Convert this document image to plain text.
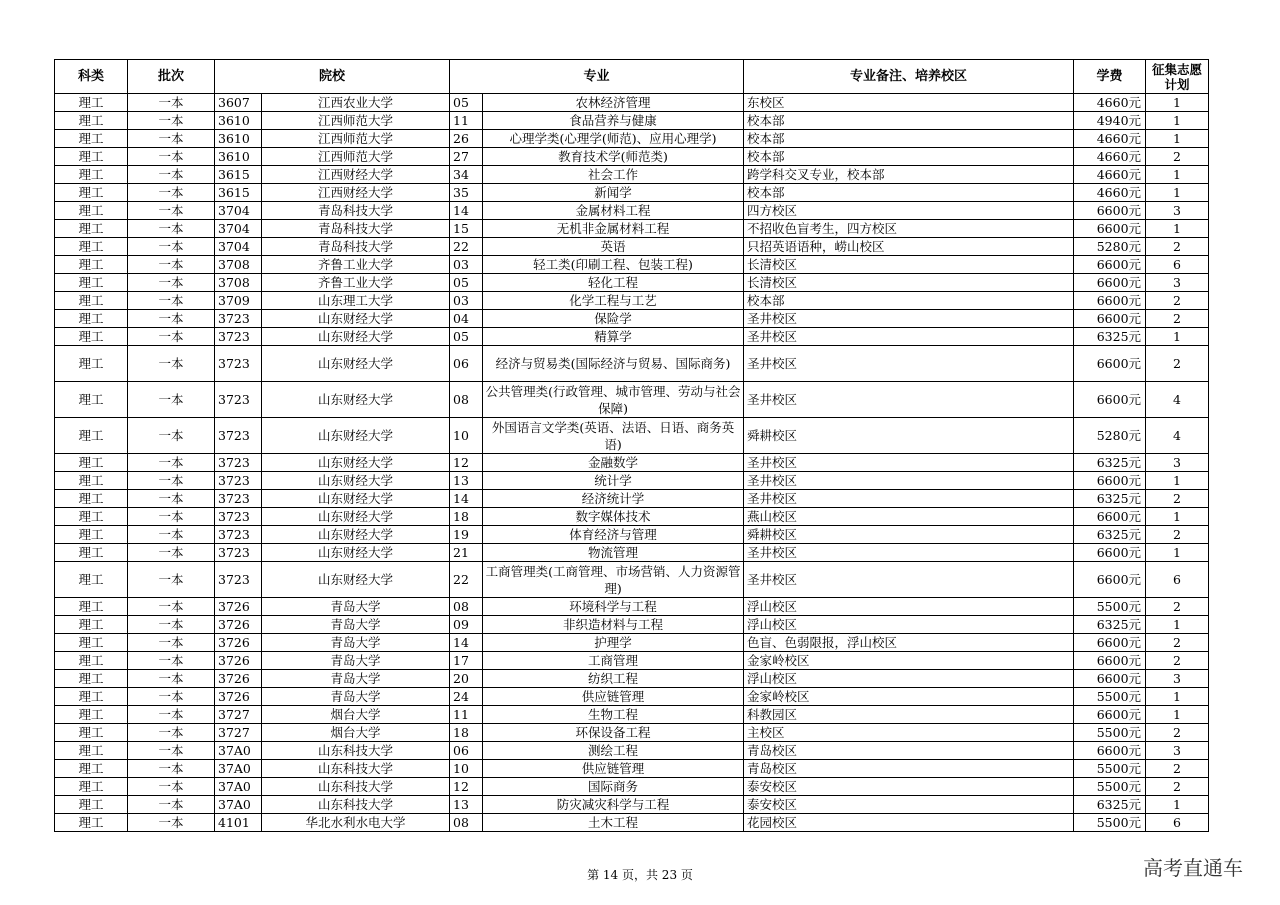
科类	批次	院校		专业		专业备注、培养校区	学费	征集志愿计划
理工	一本	3607	江西农业大学	05	农林经济管理	东校区	4660元	1
理工	一本	3610	江西师范大学	11	食品营养与健康	校本部	4940元	1
理工	一本	3610	江西师范大学	26	心理学类(心理学(师范)、应用心理学)	校本部	4660元	1
理工	一本	3610	江西师范大学	27	教育技术学(师范类)	校本部	4660元	2
理工	一本	3615	江西财经大学	34	社会工作	跨学科交叉专业，校本部	4660元	1
理工	一本	3615	江西财经大学	35	新闻学	校本部	4660元	1
理工	一本	3704	青岛科技大学	14	金属材料工程	四方校区	6600元	3
理工	一本	3704	青岛科技大学	15	无机非金属材料工程	不招收色盲考生，四方校区	6600元	1
理工	一本	3704	青岛科技大学	22	英语	只招英语语种，崂山校区	5280元	2
理工	一本	3708	齐鲁工业大学	03	轻工类(印刷工程、包装工程)	长清校区	6600元	6
理工	一本	3708	齐鲁工业大学	05	轻化工程	长清校区	6600元	3
理工	一本	3709	山东理工大学	03	化学工程与工艺	校本部	6600元	2
理工	一本	3723	山东财经大学	04	保险学	圣井校区	6600元	2
理工	一本	3723	山东财经大学	05	精算学	圣井校区	6325元	1
理工	一本	3723	山东财经大学	06	经济与贸易类(国际经济与贸易、国际商务)	圣井校区	6600元	2
理工	一本	3723	山东财经大学	08	公共管理类(行政管理、城市管理、劳动与社会保障)	圣井校区	6600元	4
理工	一本	3723	山东财经大学	10	外国语言文学类(英语、法语、日语、商务英语)	舜耕校区	5280元	4
理工	一本	3723	山东财经大学	12	金融数学	圣井校区	6325元	3
理工	一本	3723	山东财经大学	13	统计学	圣井校区	6600元	1
理工	一本	3723	山东财经大学	14	经济统计学	圣井校区	6325元	2
理工	一本	3723	山东财经大学	18	数字媒体技术	燕山校区	6600元	1
理工	一本	3723	山东财经大学	19	体育经济与管理	舜耕校区	6325元	2
理工	一本	3723	山东财经大学	21	物流管理	圣井校区	6600元	1
理工	一本	3723	山东财经大学	22	工商管理类(工商管理、市场营销、人力资源管理)	圣井校区	6600元	6
理工	一本	3726	青岛大学	08	环境科学与工程	浮山校区	5500元	2
理工	一本	3726	青岛大学	09	非织造材料与工程	浮山校区	6325元	1
理工	一本	3726	青岛大学	14	护理学	色盲、色弱限报，浮山校区	6600元	2
理工	一本	3726	青岛大学	17	工商管理	金家岭校区	6600元	2
理工	一本	3726	青岛大学	20	纺织工程	浮山校区	6600元	3
理工	一本	3726	青岛大学	24	供应链管理	金家岭校区	5500元	1
理工	一本	3727	烟台大学	11	生物工程	科教园区	6600元	1
理工	一本	3727	烟台大学	18	环保设备工程	主校区	5500元	2
理工	一本	37A0	山东科技大学	06	测绘工程	青岛校区	6600元	3
理工	一本	37A0	山东科技大学	10	供应链管理	青岛校区	5500元	2
理工	一本	37A0	山东科技大学	12	国际商务	泰安校区	5500元	2
理工	一本	37A0	山东科技大学	13	防灾减灾科学与工程	泰安校区	6325元	1
理工	一本	4101	华北水利水电大学	08	土木工程	花园校区	5500元	6
第 14 页，共 23 页	高考直通车
